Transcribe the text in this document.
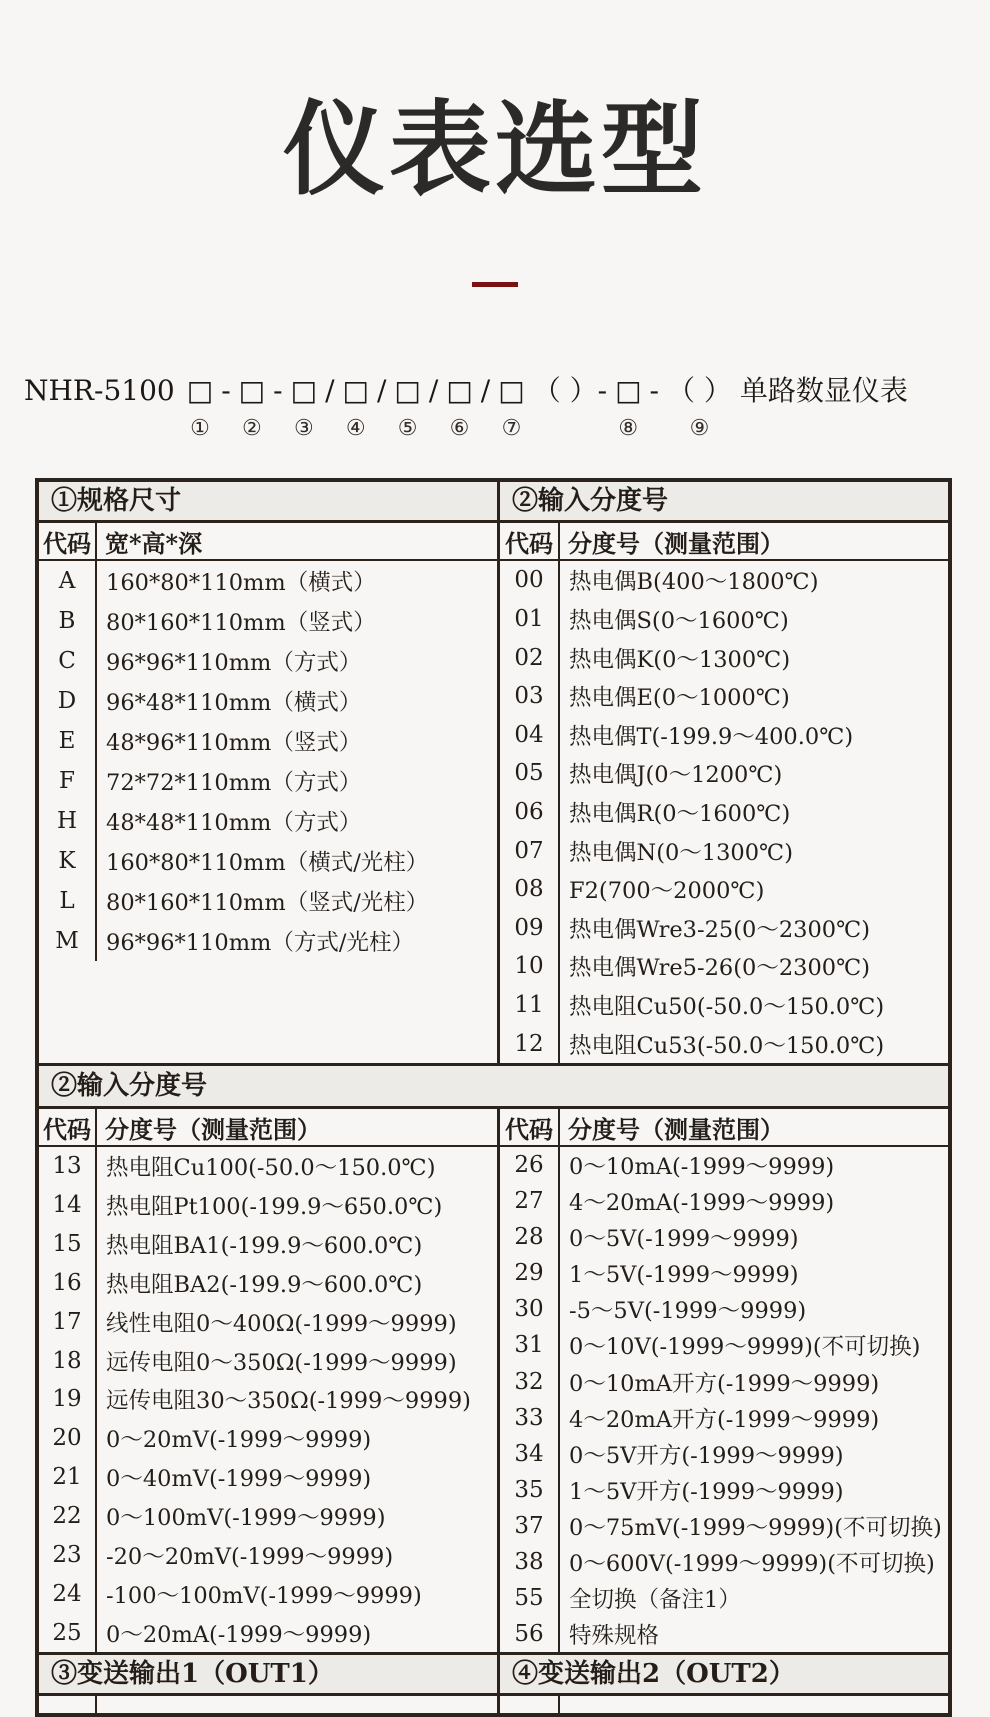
仪表选型
NHR-5100 □
①
- □
②
- □
③
/ □
④
/ □
⑤
/ □
⑥
/ □
⑦
（ ）- □
⑧
- （ ）
⑨
单路数显仪表
①规格尺寸	②输入分度号
代码 宽*高*深
A	160*80*110mm（横式）
B	80*160*110mm（竖式）
C	96*96*110mm（方式）
D	96*48*110mm（横式）
E	48*96*110mm（竖式）
F	72*72*110mm（方式）
H	48*48*110mm（方式）
K	160*80*110mm（横式/光柱）
L	80*160*110mm（竖式/光柱）
M	96*96*110mm（方式/光柱）
代码 分度号（测量范围）
00	热电偶B(400～1800℃)
01	热电偶S(0～1600℃)
02	热电偶K(0～1300℃)
03	热电偶E(0～1000℃)
04	热电偶T(-199.9～400.0℃)
05	热电偶J(0～1200℃)
06	热电偶R(0～1600℃)
07	热电偶N(0～1300℃)
08	F2(700～2000℃)
09	热电偶Wre3-25(0～2300℃)
10	热电偶Wre5-26(0～2300℃)
11	热电阻Cu50(-50.0～150.0℃)
12	热电阻Cu53(-50.0～150.0℃)
②输入分度号
代码 分度号（测量范围）
13	热电阻Cu100(-50.0～150.0℃)
14	热电阻Pt100(-199.9～650.0℃)
15	热电阻BA1(-199.9～600.0℃)
16	热电阻BA2(-199.9～600.0℃)
17	线性电阻0～400Ω(-1999～9999)
18	远传电阻0～350Ω(-1999～9999)
19	远传电阻30～350Ω(-1999～9999)
20	0～20mV(-1999～9999)
21	0～40mV(-1999～9999)
22	0～100mV(-1999～9999)
23	-20～20mV(-1999～9999)
24	-100～100mV(-1999～9999)
25	0～20mA(-1999～9999)
代码 分度号（测量范围）
26	0～10mA(-1999～9999)
27	4～20mA(-1999～9999)
28	0～5V(-1999～9999)
29	1～5V(-1999～9999)
30	-5～5V(-1999～9999)
31	0～10V(-1999～9999)(不可切换)
32	0～10mA开方(-1999～9999)
33	4～20mA开方(-1999～9999)
34	0～5V开方(-1999～9999)
35	1～5V开方(-1999～9999)
37	0～75mV(-1999～9999)(不可切换)
38	0～600V(-1999～9999)(不可切换)
55	全切换（备注1）
56	特殊规格
③变送输出1（OUT1）	④变送输出2（OUT2）
